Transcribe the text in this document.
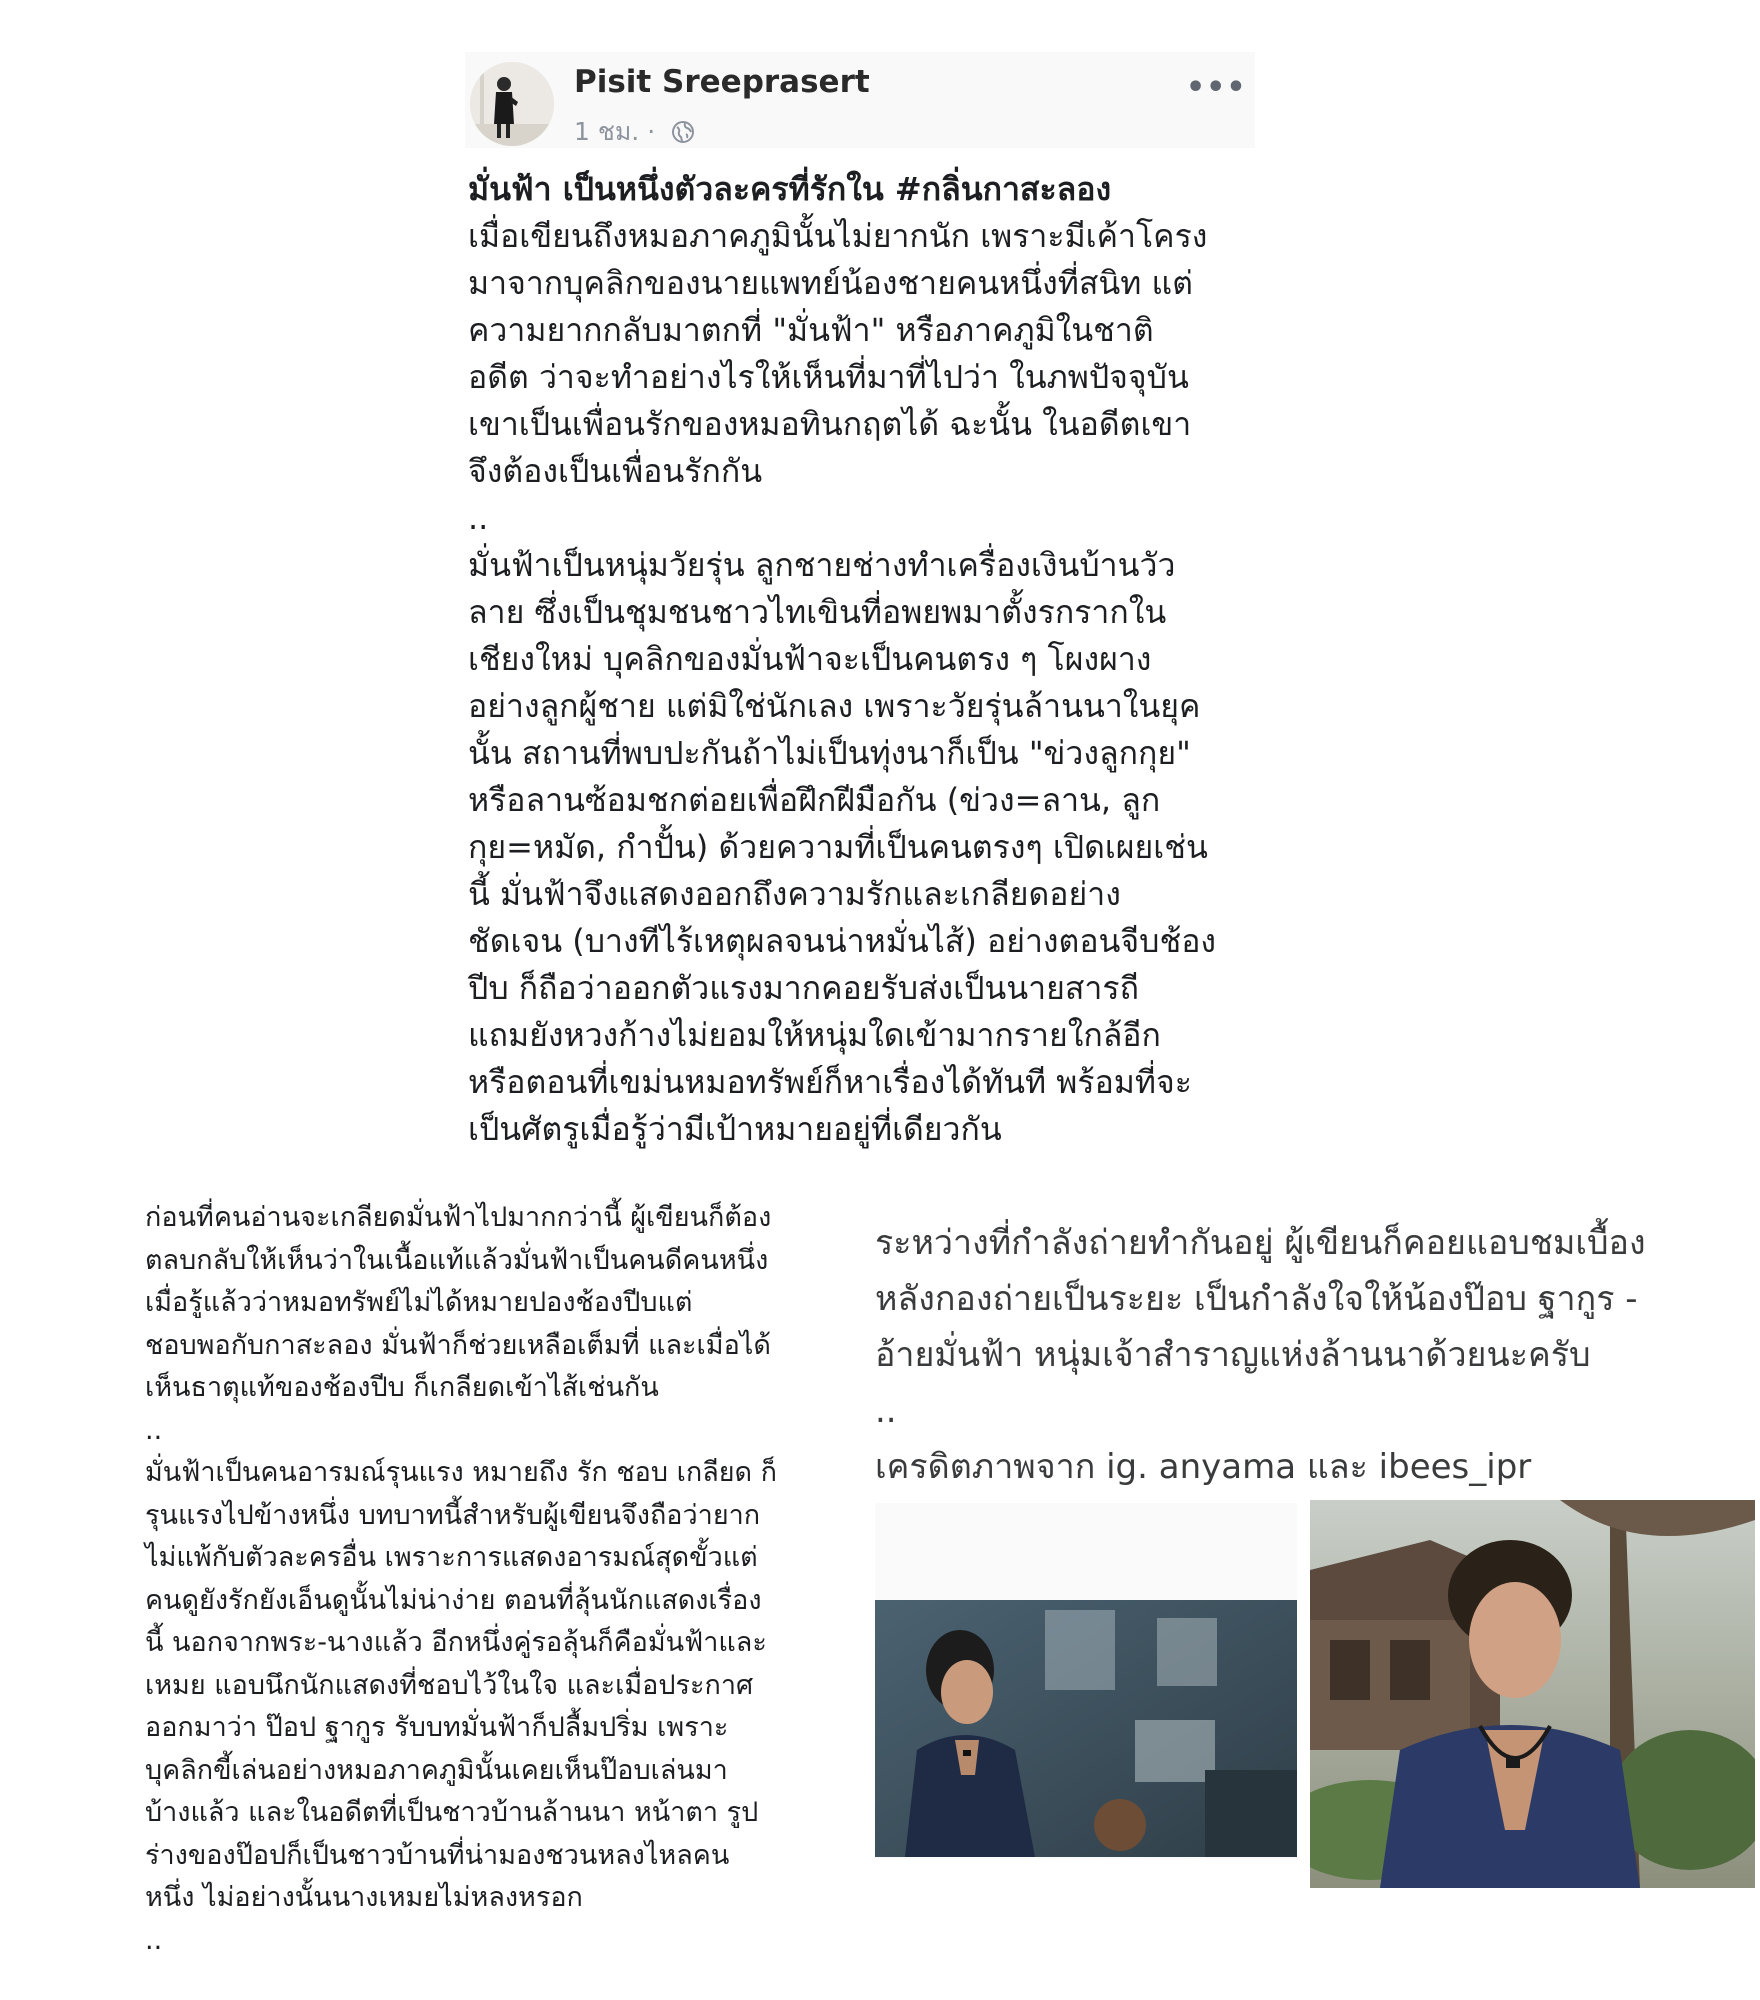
Pisit Sreeprasert
1 ชม. ·
•••

มั่นฟ้า เป็นหนึ่งตัวละครที่รักใน #กลิ่นกาสะลอง

เมื่อเขียนถึงหมอภาคภูมินั้นไม่ยากนัก เพราะมีเค้าโครง

มาจากบุคลิกของนายแพทย์น้องชายคนหนึ่งที่สนิท แต่

ความยากกลับมาตกที่ "มั่นฟ้า" หรือภาคภูมิในชาติ

อดีต ว่าจะทำอย่างไรให้เห็นที่มาที่ไปว่า ในภพปัจจุบัน

เขาเป็นเพื่อนรักของหมอทินกฤตได้ ฉะนั้น ในอดีตเขา

จึงต้องเป็นเพื่อนรักกัน

..

มั่นฟ้าเป็นหนุ่มวัยรุ่น ลูกชายช่างทำเครื่องเงินบ้านวัว

ลาย ซึ่งเป็นชุมชนชาวไทเขินที่อพยพมาตั้งรกรากใน

เชียงใหม่ บุคลิกของมั่นฟ้าจะเป็นคนตรง ๆ โผงผาง

อย่างลูกผู้ชาย แต่มิใช่นักเลง เพราะวัยรุ่นล้านนาในยุค

นั้น สถานที่พบปะกันถ้าไม่เป็นทุ่งนาก็เป็น "ข่วงลูกกุย"

หรือลานซ้อมชกต่อยเพื่อฝึกฝีมือกัน (ข่วง=ลาน, ลูก

กุย=หมัด, กำปั้น) ด้วยความที่เป็นคนตรงๆ เปิดเผยเช่น

นี้ มั่นฟ้าจึงแสดงออกถึงความรักและเกลียดอย่าง

ชัดเจน (บางทีไร้เหตุผลจนน่าหมั่นไส้) อย่างตอนจีบช้อง

ปีบ ก็ถือว่าออกตัวแรงมากคอยรับส่งเป็นนายสารถี

แถมยังหวงก้างไม่ยอมให้หนุ่มใดเข้ามากรายใกล้อีก

หรือตอนที่เขม่นหมอทรัพย์ก็หาเรื่องได้ทันที พร้อมที่จะ

เป็นศัตรูเมื่อรู้ว่ามีเป้าหมายอยู่ที่เดียวกัน

ก่อนที่คนอ่านจะเกลียดมั่นฟ้าไปมากกว่านี้ ผู้เขียนก็ต้อง

ตลบกลับให้เห็นว่าในเนื้อแท้แล้วมั่นฟ้าเป็นคนดีคนหนึ่ง

เมื่อรู้แล้วว่าหมอทรัพย์ไม่ได้หมายปองช้องปีบแต่

ชอบพอกับกาสะลอง มั่นฟ้าก็ช่วยเหลือเต็มที่ และเมื่อได้

เห็นธาตุแท้ของช้องปีบ ก็เกลียดเข้าไส้เช่นกัน

..

มั่นฟ้าเป็นคนอารมณ์รุนแรง หมายถึง รัก ชอบ เกลียด ก็

รุนแรงไปข้างหนึ่ง บทบาทนี้สำหรับผู้เขียนจึงถือว่ายาก

ไม่แพ้กับตัวละครอื่น เพราะการแสดงอารมณ์สุดขั้วแต่

คนดูยังรักยังเอ็นดูนั้นไม่น่าง่าย ตอนที่ลุ้นนักแสดงเรื่อง

นี้ นอกจากพระ-นางแล้ว อีกหนึ่งคู่รอลุ้นก็คือมั่นฟ้าและ

เหมย แอบนึกนักแสดงที่ชอบไว้ในใจ และเมื่อประกาศ

ออกมาว่า ป๊อป ฐากูร รับบทมั่นฟ้าก็ปลื้มปริ่ม เพราะ

บุคลิกขี้เล่นอย่างหมอภาคภูมินั้นเคยเห็นป๊อบเล่นมา

บ้างแล้ว และในอดีตที่เป็นชาวบ้านล้านนา หน้าตา รูป

ร่างของป๊อปก็เป็นชาวบ้านที่น่ามองชวนหลงไหลคน

หนึ่ง ไม่อย่างนั้นนางเหมยไม่หลงหรอก

..

ระหว่างที่กำลังถ่ายทำกันอยู่ ผู้เขียนก็คอยแอบชมเบื้อง

หลังกองถ่ายเป็นระยะ เป็นกำลังใจให้น้องป๊อบ ฐากูร -

อ้ายมั่นฟ้า หนุ่มเจ้าสำราญแห่งล้านนาด้วยนะครับ

..

เครดิตภาพจาก ig. anyama และ ibees_ipr
